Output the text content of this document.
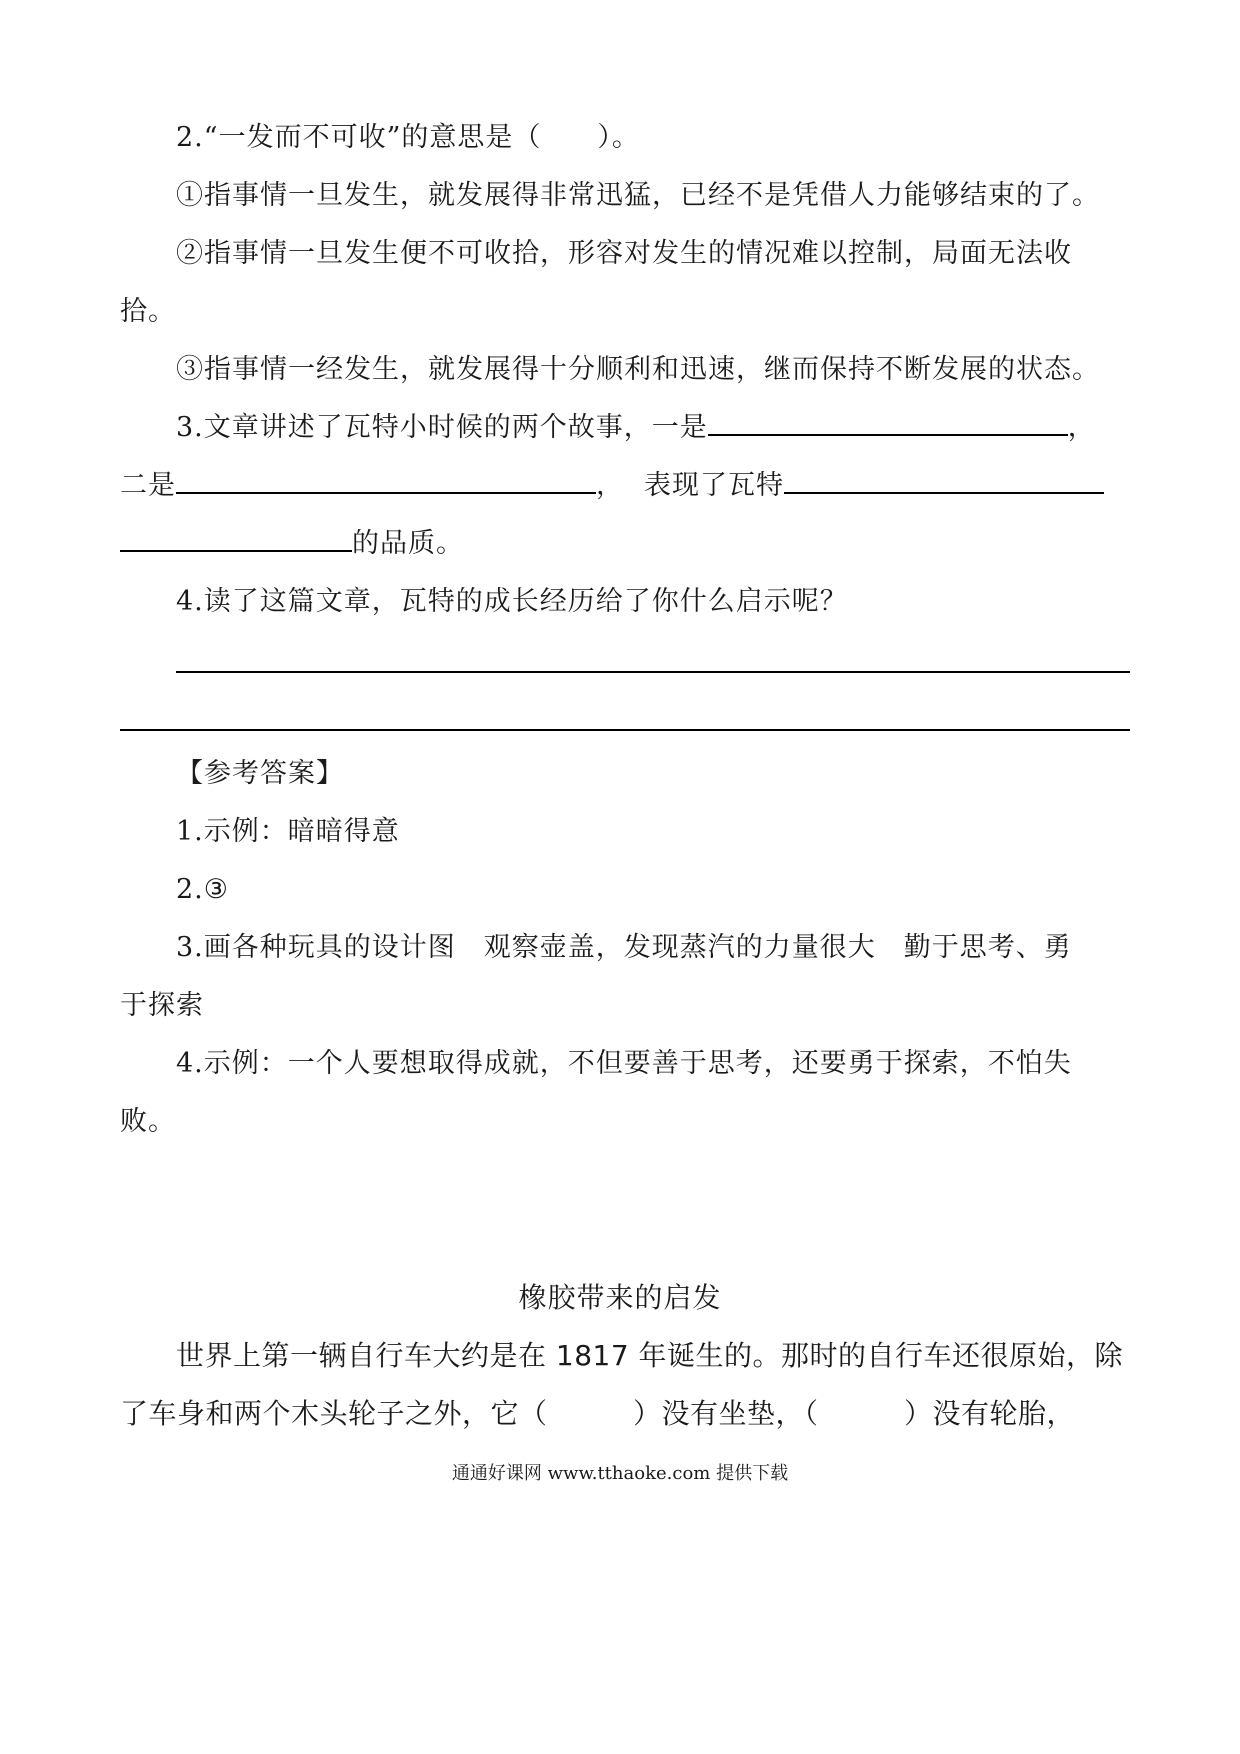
2.“一发而不可收”的意思是（　　）。
①指事情一旦发生，就发展得非常迅猛，已经不是凭借人力能够结束的了。
②指事情一旦发生便不可收拾，形容对发生的情况难以控制，局面无法收
拾。
③指事情一经发生，就发展得十分顺利和迅速，继而保持不断发展的状态。
3.文章讲述了瓦特小时候的两个故事，一是	，
二是	， 表现了瓦特
的品质。
4.读了这篇文章，瓦特的成长经历给了你什么启示呢？
【参考答案】
1.示例：暗暗得意
2.③
3.画各种玩具的设计图　观察壶盖，发现蒸汽的力量很大　勤于思考、勇
于探索
4.示例：一个人要想取得成就，不但要善于思考，还要勇于探索，不怕失
败。
橡胶带来的启发
世界上第一辆自行车大约是在 1817 年诞生的。那时的自行车还很原始，除
了车身和两个木头轮子之外，它（　　　）没有坐垫，（　　　）没有轮胎，
通通好课网 www.tthaoke.com 提供下载
